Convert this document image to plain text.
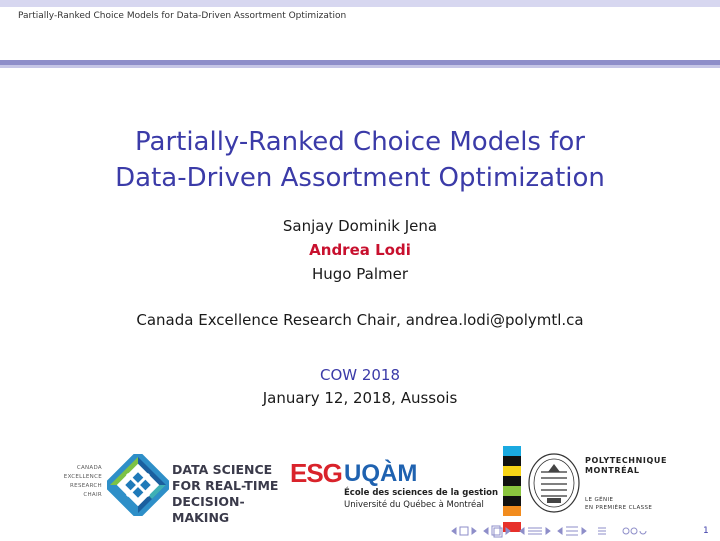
Partially-Ranked Choice Models for Data-Driven Assortment Optimization
Partially-Ranked Choice Models for
Data-Driven Assortment Optimization
Sanjay Dominik Jena
Andrea Lodi
Hugo Palmer
Canada Excellence Research Chair, andrea.lodi@polymtl.ca
COW 2018
January 12, 2018, Aussois
CANADA
EXCELLENCE
RESEARCH
CHAIR
DATA SCIENCE
FOR REAL-TIME
DECISION-MAKING
ESG UQÀM
École des sciences de la gestion
Université du Québec à Montréal
POLYTECHNIQUE
MONTRÉAL
LE GÉNIE
EN PREMIÈRE CLASSE
1
